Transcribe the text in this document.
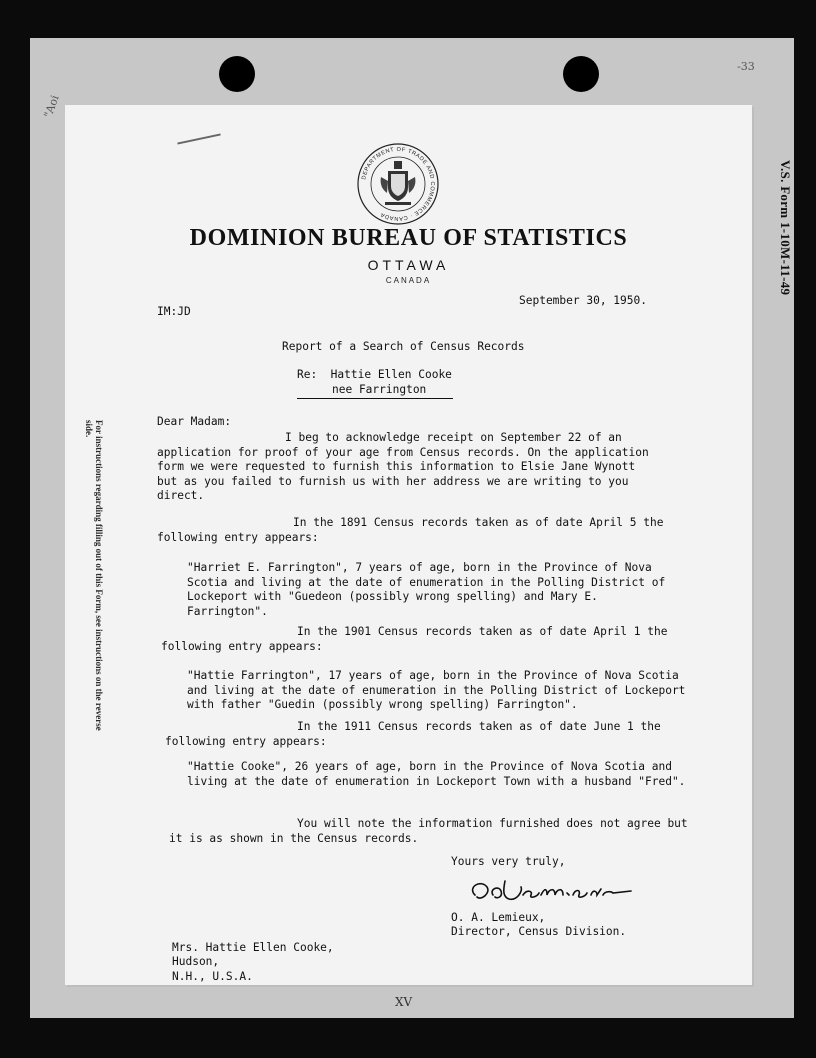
"Aoi
-33
V.S. Form 1-10M-11-49
DEPARTMENT OF TRADE AND COMMERCE · CANADA
DOMINION BUREAU OF STATISTICS
OTTAWA
CANADA
IM:JD
September 30, 1950.
Report of a Search of Census Records
Re:  Hattie Ellen Cooke
nee Farrington
Dear Madam:
I beg to acknowledge receipt on September 22 of an application for proof of your age from Census records. On the application form we were requested to furnish this information to Elsie Jane Wynott but as you failed to furnish us with her address we are writing to you direct.
In the 1891 Census records taken as of date April 5 the following entry appears:
"Harriet E. Farrington", 7 years of age, born in the Province of Nova Scotia and living at the date of enumeration in the Polling District of Lockeport with "Guedeon (possibly wrong spelling) and Mary E. Farrington".
In the 1901 Census records taken as of date April 1 the following entry appears:
"Hattie Farrington", 17 years of age, born in the Province of Nova Scotia and living at the date of enumeration in the Polling District of Lockeport with father "Guedin (possibly wrong spelling) Farrington".
In the 1911 Census records taken as of date June 1 the following entry appears:
"Hattie Cooke", 26 years of age, born in the Province of Nova Scotia and living at the date of enumeration in Lockeport Town with a husband "Fred".
You will note the information furnished does not agree but it is as shown in the Census records.
Yours very truly,
O. A. Lemieux,
Director, Census Division.
Mrs. Hattie Ellen Cooke,
Hudson,
N.H., U.S.A.
For instructions regarding filling out of this Form, see instructions on the reverse side.
XV
